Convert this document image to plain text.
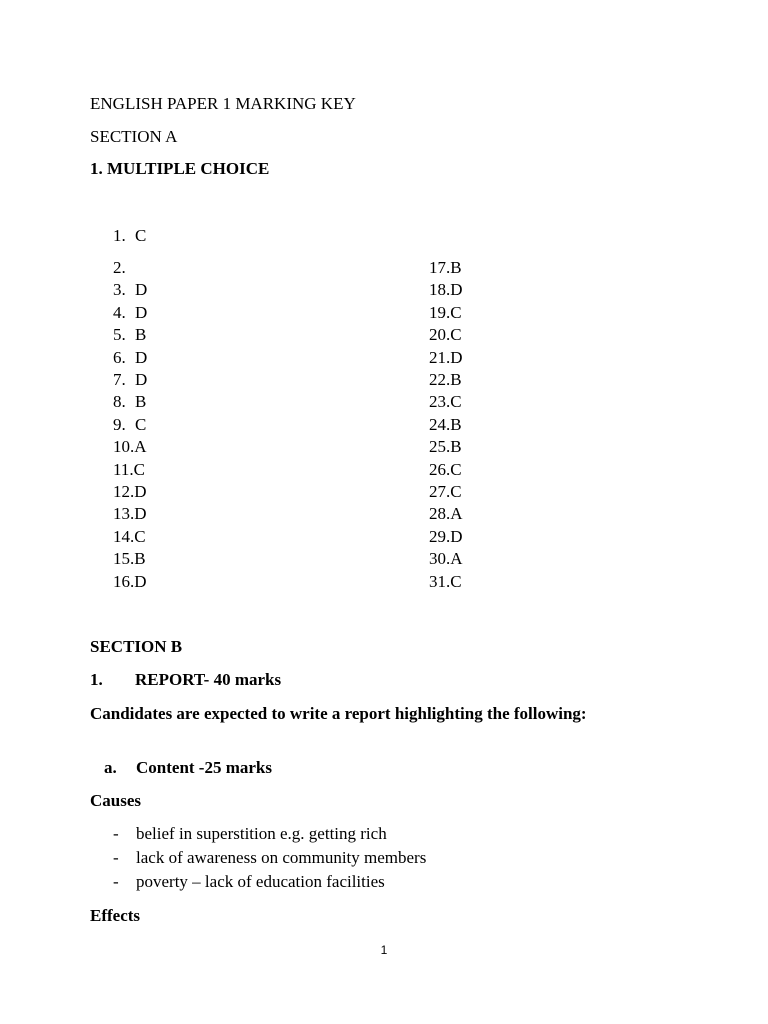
ENGLISH PAPER 1 MARKING KEY
SECTION A
1. MULTIPLE CHOICE
1. C
2.
3. D
4. D
5. B
6. D
7. D
8. B
9. C
10.A
11.C
12.D
13.D
14.C
15.B
16.D
17.B
18.D
19.C
20.C
21.D
22.B
23.C
24.B
25.B
26.C
27.C
28.A
29.D
30.A
31.C
SECTION B
1. REPORT- 40 marks
Candidates are expected to write a report highlighting the following:
a. Content -25 marks
Causes
- belief in superstition e.g. getting rich
- lack of awareness on community members
- poverty – lack of education facilities
Effects
1
